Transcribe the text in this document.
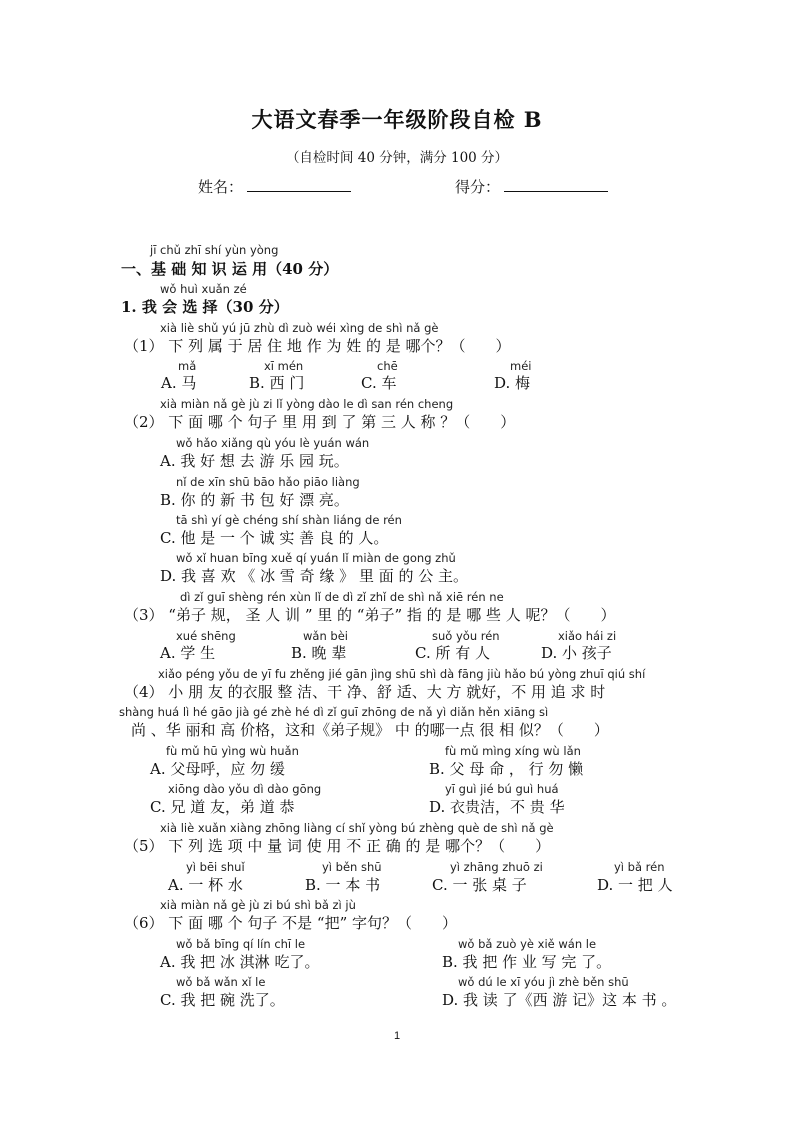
大语文春季一年级阶段自检 B
（自检时间 40 分钟，满分 100 分）
姓名：	得分：
jī chǔ zhī shí yùn yòng
一、基 础 知 识 运 用（40 分）
wǒ huì xuǎn zé
1. 我 会 选 择（30 分）
xià liè shǔ yú jū zhù dì zuò wéi xìng de shì nǎ gè
（1） 下 列 属 于 居 住 地 作 为 姓 的 是 哪个？（　　）
mǎ	xī mén	chē	méi
A. 马	B. 西 门	C. 车	D. 梅
xià miàn nǎ gè jù zi lǐ yòng dào le dì san rén cheng
（2） 下 面 哪 个 句子 里 用 到 了 第 三 人 称 ？（　　）
wǒ hǎo xiǎng qù yóu lè yuán wán
A. 我 好 想 去 游 乐 园 玩。
nǐ de xīn shū bāo hǎo piāo liàng
B. 你 的 新 书 包 好 漂 亮。
tā shì yí gè chéng shí shàn liáng de rén
C. 他 是 一 个 诚 实 善 良 的 人。
wǒ xǐ huan bīng xuě qí yuán lǐ miàn de gong zhǔ
D. 我 喜 欢 《 冰 雪 奇 缘 》 里 面 的 公 主。
dì zǐ guī shèng rén xùn lǐ de dì zǐ zhǐ de shì nǎ xiē rén ne
（3） “弟子 规， 圣 人 训 ” 里 的 “弟子” 指 的 是 哪 些 人 呢？（　　）
xué shēng	wǎn bèi	suǒ yǒu rén	xiǎo hái zi
A. 学 生	B. 晚 辈	C. 所 有 人	D. 小 孩子
xiǎo péng yǒu de yī fu zhěng jié gān jìng shū shì dà fāng jiù hǎo bú yòng zhuī qiú shí
（4） 小 朋 友 的衣服 整 洁、干 净、舒 适、大 方 就好，不 用 追 求 时
shàng huá lì hé gāo jià gé zhè hé dì zǐ guī zhōng de nǎ yì diǎn hěn xiāng sì
尚 、华 丽和 高 价格，这和《弟子规》 中 的哪一点 很 相 似？（　　）
fù mǔ hū yìng wù huǎn
A. 父母呼，应 勿 缓
fù mǔ mìng xíng wù lǎn
B. 父 母 命 ， 行 勿 懒
xiōng dào yǒu dì dào gōng
C. 兄 道 友，弟 道 恭
yī guì jié bú guì huá
D. 衣贵洁，不 贵 华
xià liè xuǎn xiàng zhōng liàng cí shǐ yòng bú zhèng què de shì nǎ gè
（5） 下 列 选 项 中 量 词 使 用 不 正 确 的 是 哪个？（　　）
yì bēi shuǐ	yì běn shū	yì zhāng zhuō zi	yì bǎ rén
A. 一 杯 水	B. 一 本 书	C. 一 张 桌 子	D. 一 把 人
xià miàn nǎ gè jù zi bú shì bǎ zì jù
（6） 下 面 哪 个 句子 不是 “把” 字句？（　　）
wǒ bǎ bīng qí lín chī le
A. 我 把 冰 淇淋 吃了。
wǒ bǎ zuò yè xiě wán le
B. 我 把 作 业 写 完 了。
wǒ bǎ wǎn xǐ le
C. 我 把 碗 洗了。
wǒ dú le xī yóu jì zhè běn shū
D. 我 读 了《西 游 记》这 本 书 。
1
